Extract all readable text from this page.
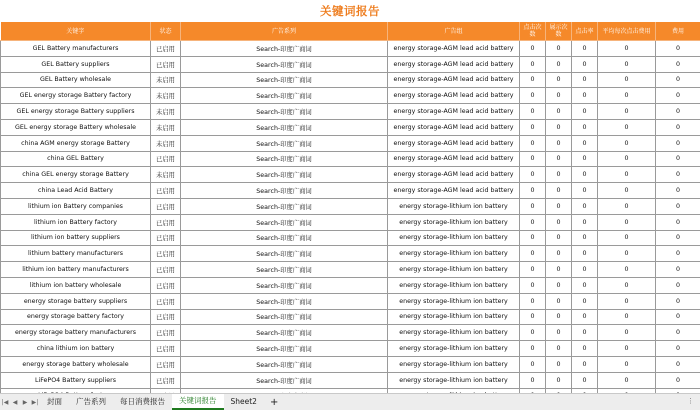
关键词报告
关键字	状态	广告系列	广告组	点击次数	展示次数	点击率	平均每次点击费用	费用
GEL Battery manufacturers	已启用	Search-印度广商词	energy storage-AGM lead acid battery	0	0	0	0	0
GEL Battery suppliers	已启用	Search-印度广商词	energy storage-AGM lead acid battery	0	0	0	0	0
GEL Battery wholesale	未启用	Search-印度广商词	energy storage-AGM lead acid battery	0	0	0	0	0
GEL energy storage Battery factory	未启用	Search-印度广商词	energy storage-AGM lead acid battery	0	0	0	0	0
GEL energy storage Battery suppliers	未启用	Search-印度广商词	energy storage-AGM lead acid battery	0	0	0	0	0
GEL energy storage Battery wholesale	未启用	Search-印度广商词	energy storage-AGM lead acid battery	0	0	0	0	0
china AGM energy storage Battery	未启用	Search-印度广商词	energy storage-AGM lead acid battery	0	0	0	0	0
china GEL Battery	已启用	Search-印度广商词	energy storage-AGM lead acid battery	0	0	0	0	0
china GEL energy storage Battery	未启用	Search-印度广商词	energy storage-AGM lead acid battery	0	0	0	0	0
china Lead Acid Battery	已启用	Search-印度广商词	energy storage-AGM lead acid battery	0	0	0	0	0
lithium ion Battery companies	已启用	Search-印度广商词	energy storage-lithium ion battery	0	0	0	0	0
lithium ion Battery factory	已启用	Search-印度广商词	energy storage-lithium ion battery	0	0	0	0	0
lithium ion battery suppliers	已启用	Search-印度广商词	energy storage-lithium ion battery	0	0	0	0	0
lithium battery manufacturers	已启用	Search-印度广商词	energy storage-lithium ion battery	0	0	0	0	0
lithium ion battery manufacturers	已启用	Search-印度广商词	energy storage-lithium ion battery	0	0	0	0	0
lithium ion battery wholesale	已启用	Search-印度广商词	energy storage-lithium ion battery	0	0	0	0	0
energy storage battery suppliers	已启用	Search-印度广商词	energy storage-lithium ion battery	0	0	0	0	0
energy storage battery factory	已启用	Search-印度广商词	energy storage-lithium ion battery	0	0	0	0	0
energy storage battery manufacturers	已启用	Search-印度广商词	energy storage-lithium ion battery	0	0	0	0	0
china lithium ion battery	已启用	Search-印度广商词	energy storage-lithium ion battery	0	0	0	0	0
energy storage battery wholesale	已启用	Search-印度广商词	energy storage-lithium ion battery	0	0	0	0	0
LiFePO4 Battery suppliers	已启用	Search-印度广商词	energy storage-lithium ion battery	0	0	0	0	0

|◀ ◀ ▶ ▶|	封面	广告系列	每日消费报告	关键词报告	Sheet2	+	⋮
